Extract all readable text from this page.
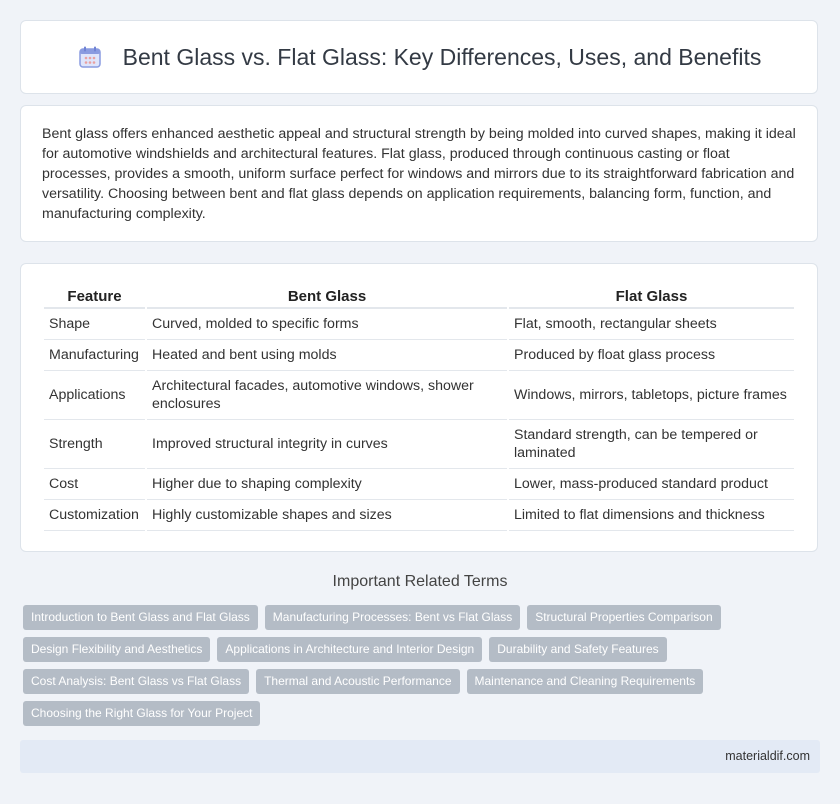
Bent Glass vs. Flat Glass: Key Differences, Uses, and Benefits

Bent glass offers enhanced aesthetic appeal and structural strength by being molded into curved shapes, making it ideal for automotive windshields and architectural features. Flat glass, produced through continuous casting or float processes, provides a smooth, uniform surface perfect for windows and mirrors due to its straightforward fabrication and versatility. Choosing between bent and flat glass depends on application requirements, balancing form, function, and manufacturing complexity.

Feature	Bent Glass	Flat Glass
Shape	Curved, molded to specific forms	Flat, smooth, rectangular sheets
Manufacturing	Heated and bent using molds	Produced by float glass process
Applications	Architectural facades, automotive windows, shower enclosures	Windows, mirrors, tabletops, picture frames
Strength	Improved structural integrity in curves	Standard strength, can be tempered or laminated
Cost	Higher due to shaping complexity	Lower, mass-produced standard product
Customization	Highly customizable shapes and sizes	Limited to flat dimensions and thickness
Important Related Terms
Introduction to Bent Glass and Flat Glass	Manufacturing Processes: Bent vs Flat Glass	Structural Properties Comparison
Design Flexibility and Aesthetics	Applications in Architecture and Interior Design	Durability and Safety Features
Cost Analysis: Bent Glass vs Flat Glass	Thermal and Acoustic Performance	Maintenance and Cleaning Requirements
Choosing the Right Glass for Your Project
materialdif.com
